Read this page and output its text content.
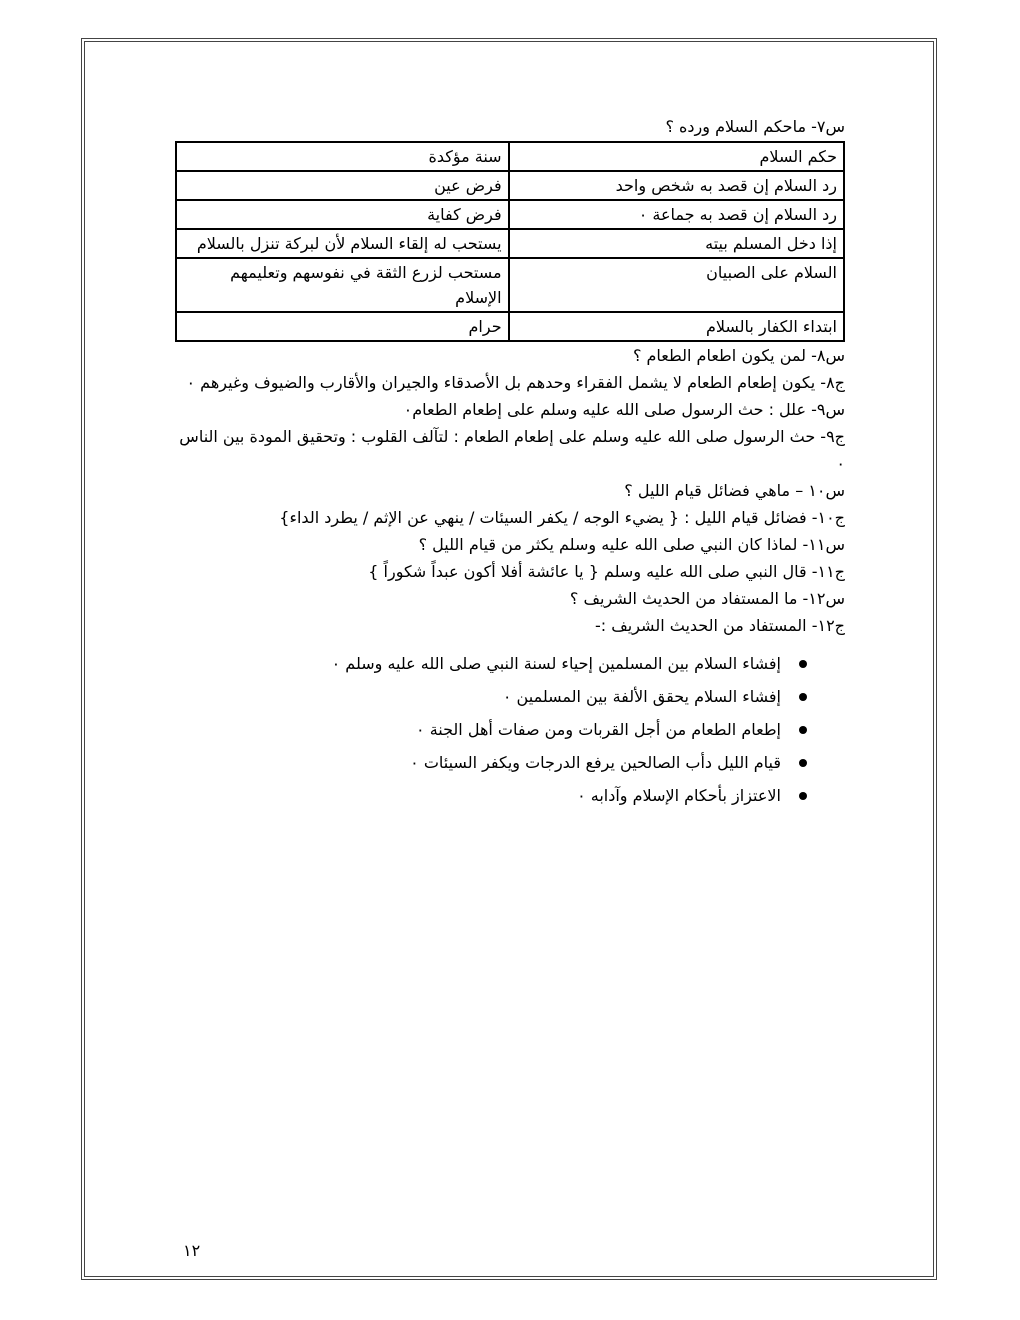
س٧- ماحكم السلام ورده ؟

حكم السلام	سنة مؤكدة
رد السلام إن قصد به شخص واحد	فرض عين
رد السلام إن قصد به جماعة ٠	فرض كفاية
إذا دخل المسلم بيته	يستحب له إلقاء السلام لأن لبركة تنزل بالسلام
السلام على الصبيان	مستحب لزرع الثقة في نفوسهم وتعليمهم الإسلام
ابتداء الكفار بالسلام	حرام

س٨- لمن يكون اطعام الطعام ؟

ج٨- يكون إطعام الطعام لا يشمل الفقراء وحدهم بل الأصدقاء والجيران والأقارب والضيوف وغيرهم ٠

س٩- علل : حث الرسول صلى الله عليه وسلم على إطعام الطعام٠

ج٩- حث الرسول صلى الله عليه وسلم على إطعام الطعام : لتآلف القلوب : وتحقيق المودة بين الناس ٠

س١٠ – ماهي فضائل قيام الليل ؟

ج١٠- فضائل قيام الليل : { يضيء الوجه / يكفر السيئات / ينهي عن الإثم / يطرد الداء}

س١١- لماذا كان النبي صلى الله عليه وسلم يكثر من قيام الليل ؟

ج١١- قال النبي صلى الله عليه وسلم { يا عائشة أفلا أكون عبداً شكوراً }

س١٢- ما المستفاد من الحديث الشريف ؟

ج١٢- المستفاد من الحديث الشريف :-

إفشاء السلام بين المسلمين إحياء لسنة النبي صلى الله عليه وسلم ٠
إفشاء السلام يحقق الألفة بين المسلمين ٠
إطعام الطعام من أجل القربات ومن صفات أهل الجنة ٠
قيام الليل دأب الصالحين يرفع الدرجات ويكفر السيئات ٠
الاعتزاز بأحكام الإسلام وآدابه ٠
١٢
